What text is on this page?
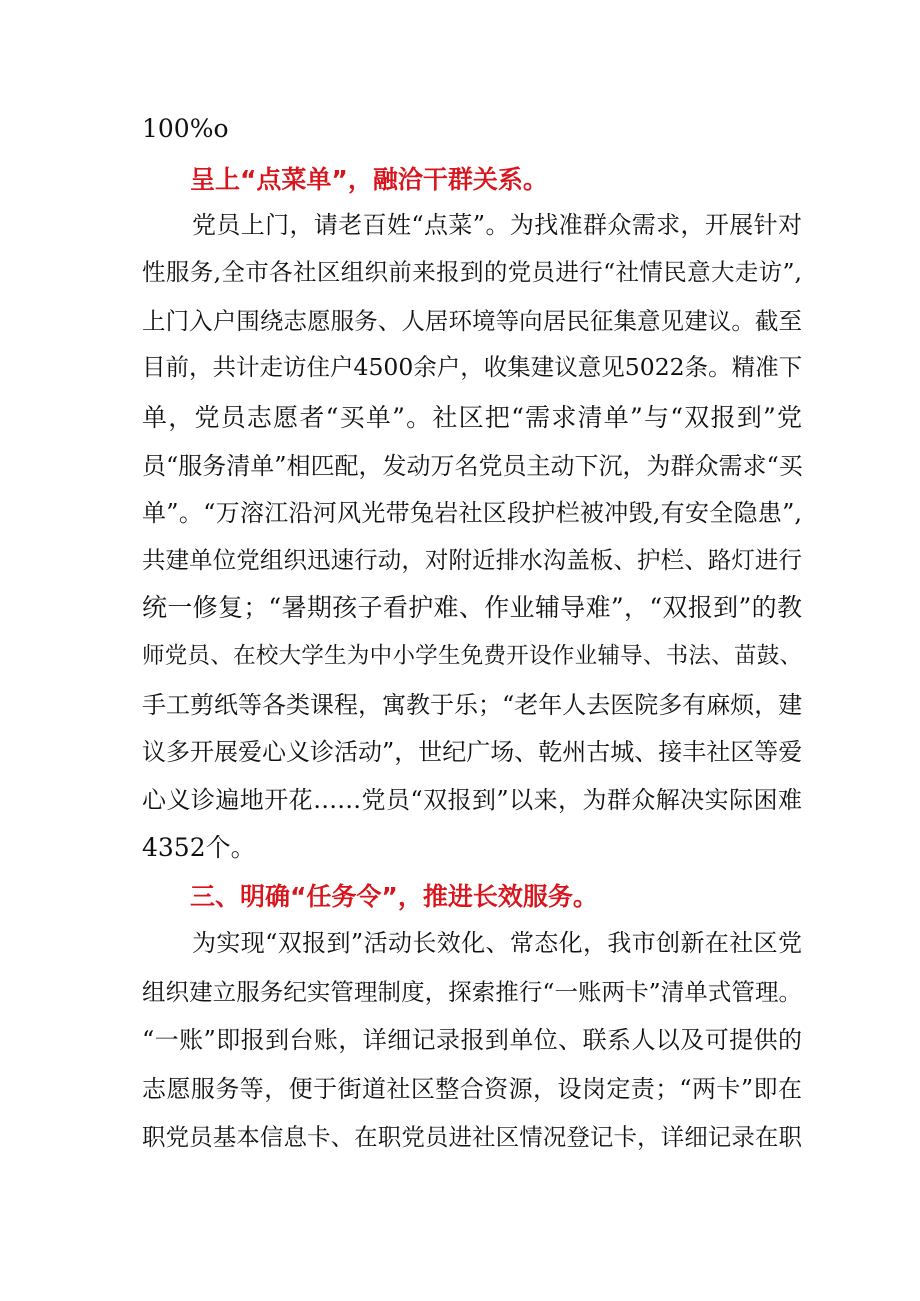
100%o
呈上“点菜单”，融洽干群关系。
党员上门，请老百姓“点菜”。为找准群众需求，开展针对
性服务,全市各社区组织前来报到的党员进行“社情民意大走访”,
上门入户围绕志愿服务、人居环境等向居民征集意见建议。截至
目前，共计走访住户4500余户，收集建议意见5022条。精准下
单，党员志愿者“买单”。社区把“需求清单”与“双报到”党
员“服务清单”相匹配，发动万名党员主动下沉，为群众需求“买
单”。“万溶江沿河风光带兔岩社区段护栏被冲毁,有安全隐患”,
共建单位党组织迅速行动，对附近排水沟盖板、护栏、路灯进行
统一修复；“暑期孩子看护难、作业辅导难”，“双报到”的教
师党员、在校大学生为中小学生免费开设作业辅导、书法、苗鼓、
手工剪纸等各类课程，寓教于乐；“老年人去医院多有麻烦，建
议多开展爱心义诊活动”，世纪广场、乾州古城、接丰社区等爱
心义诊遍地开花……党员“双报到”以来，为群众解决实际困难
4352个。
三、明确“任务令”，推进长效服务。
为实现“双报到”活动长效化、常态化，我市创新在社区党
组织建立服务纪实管理制度，探索推行“一账两卡”清单式管理。
“一账”即报到台账，详细记录报到单位、联系人以及可提供的
志愿服务等，便于街道社区整合资源，设岗定责；“两卡”即在
职党员基本信息卡、在职党员进社区情况登记卡，详细记录在职
